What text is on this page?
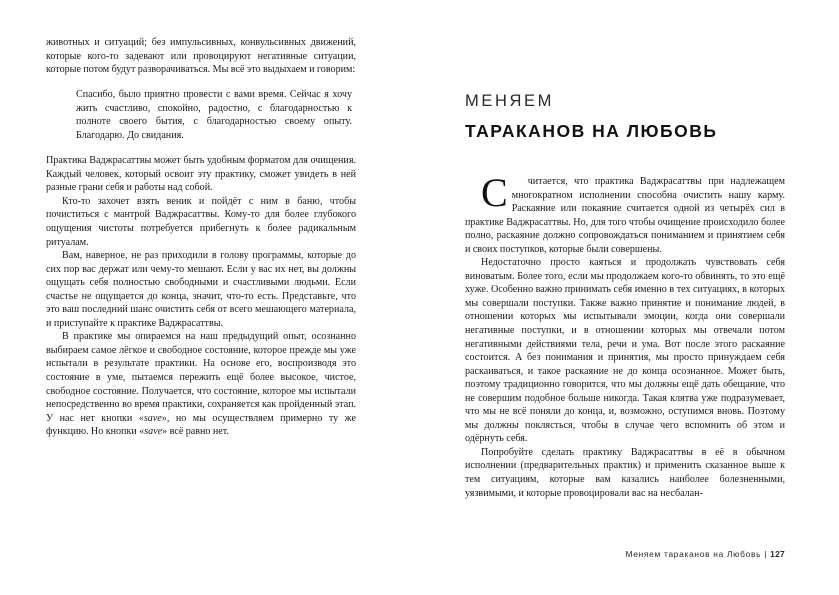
животных и ситуаций; без импульсивных, конвульсивных движений, которые кого-то задевают или провоцируют негативные ситуации, которые потом будут разворачиваться. Мы всё это выдыхаем и говорим:

Спасибо, было приятно провести с вами время. Сейчас я хочу жить счастливо, спокойно, радостно, с благодарностью к полноте своего бытия, с благодарностью своему опыту. Благодарю. До свидания.

Практика Ваджрасаттвы может быть удобным форматом для очищения. Каждый человек, который освоит эту практику, сможет увидеть в ней разные грани себя и работы над собой.

Кто-то захочет взять веник и пойдёт с ним в баню, чтобы почиститься с мантрой Ваджрасаттвы. Кому-то для более глубокого ощущения чистоты потребуется прибегнуть к более радикальным ритуалам.

Вам, наверное, не раз приходили в голову программы, которые до сих пор вас держат или чему-то мешают. Если у вас их нет, вы должны ощущать себя полностью свободными и счастливыми людьми. Если счастье не ощущается до конца, значит, что-то есть. Представьте, что это ваш последний шанс очистить себя от всего мешающего материала, и приступайте к практике Ваджрасаттвы.

В практике мы опираемся на наш предыдущий опыт, осознанно выбираем самое лёгкое и свободное состояние, которое прежде мы уже испытали в результате практики. На основе его, воспроизводя это состояние в уме, пытаемся пережить ещё более высокое, чистое, свободное состояние. Получается, что состояние, которое мы испытали непосредственно во время практики, сохраняется как пройденный этап. У нас нет кнопки «save», но мы осуществляем примерно ту же функцию. Но кнопки «save» всё равно нет.

МЕНЯЕМ
ТАРАКАНОВ НА ЛЮБОВЬ

С читается, что практика Ваджрасаттвы при надлежащем многократном исполнении способна очистить нашу карму. Раскаяние или покаяние считается одной из четырёх сил в практике Ваджрасаттвы. Но, для того чтобы очищение происходило более полно, раскаяние должно сопровождаться пониманием и принятием себя и своих поступков, которые были совершены.

Недостаточно просто каяться и продолжать чувствовать себя виноватым. Более того, если мы продолжаем кого-то обвинять, то это ещё хуже. Особенно важно принимать себя именно в тех ситуациях, в которых мы совершали поступки. Также важно принятие и понимание людей, в отношении которых мы испытывали эмоции, когда они совершали негативные поступки, и в отношении которых мы отвечали потом негативными действиями тела, речи и ума. Вот после этого раскаяние состоится. А без понимания и принятия, мы просто принуждаем себя раскаиваться, и такое раскаяние не до конца осознанное. Может быть, поэтому традиционно говорится, что мы должны ещё дать обещание, что не совершим подобное больше никогда. Такая клятва уже подразумевает, что мы не всё поняли до конца, и, возможно, оступимся вновь. Поэтому мы должны поклясться, чтобы в случае чего вспомнить об этом и одёрнуть себя.

Попробуйте сделать практику Ваджрасаттвы в её в обычном исполнении (предварительных практик) и применить сказанное выше к тем ситуациям, которые вам казались наиболее болезненными, уязвимыми, и которые провоцировали вас на несбалан-

Меняем тараканов на Любовь | 127
